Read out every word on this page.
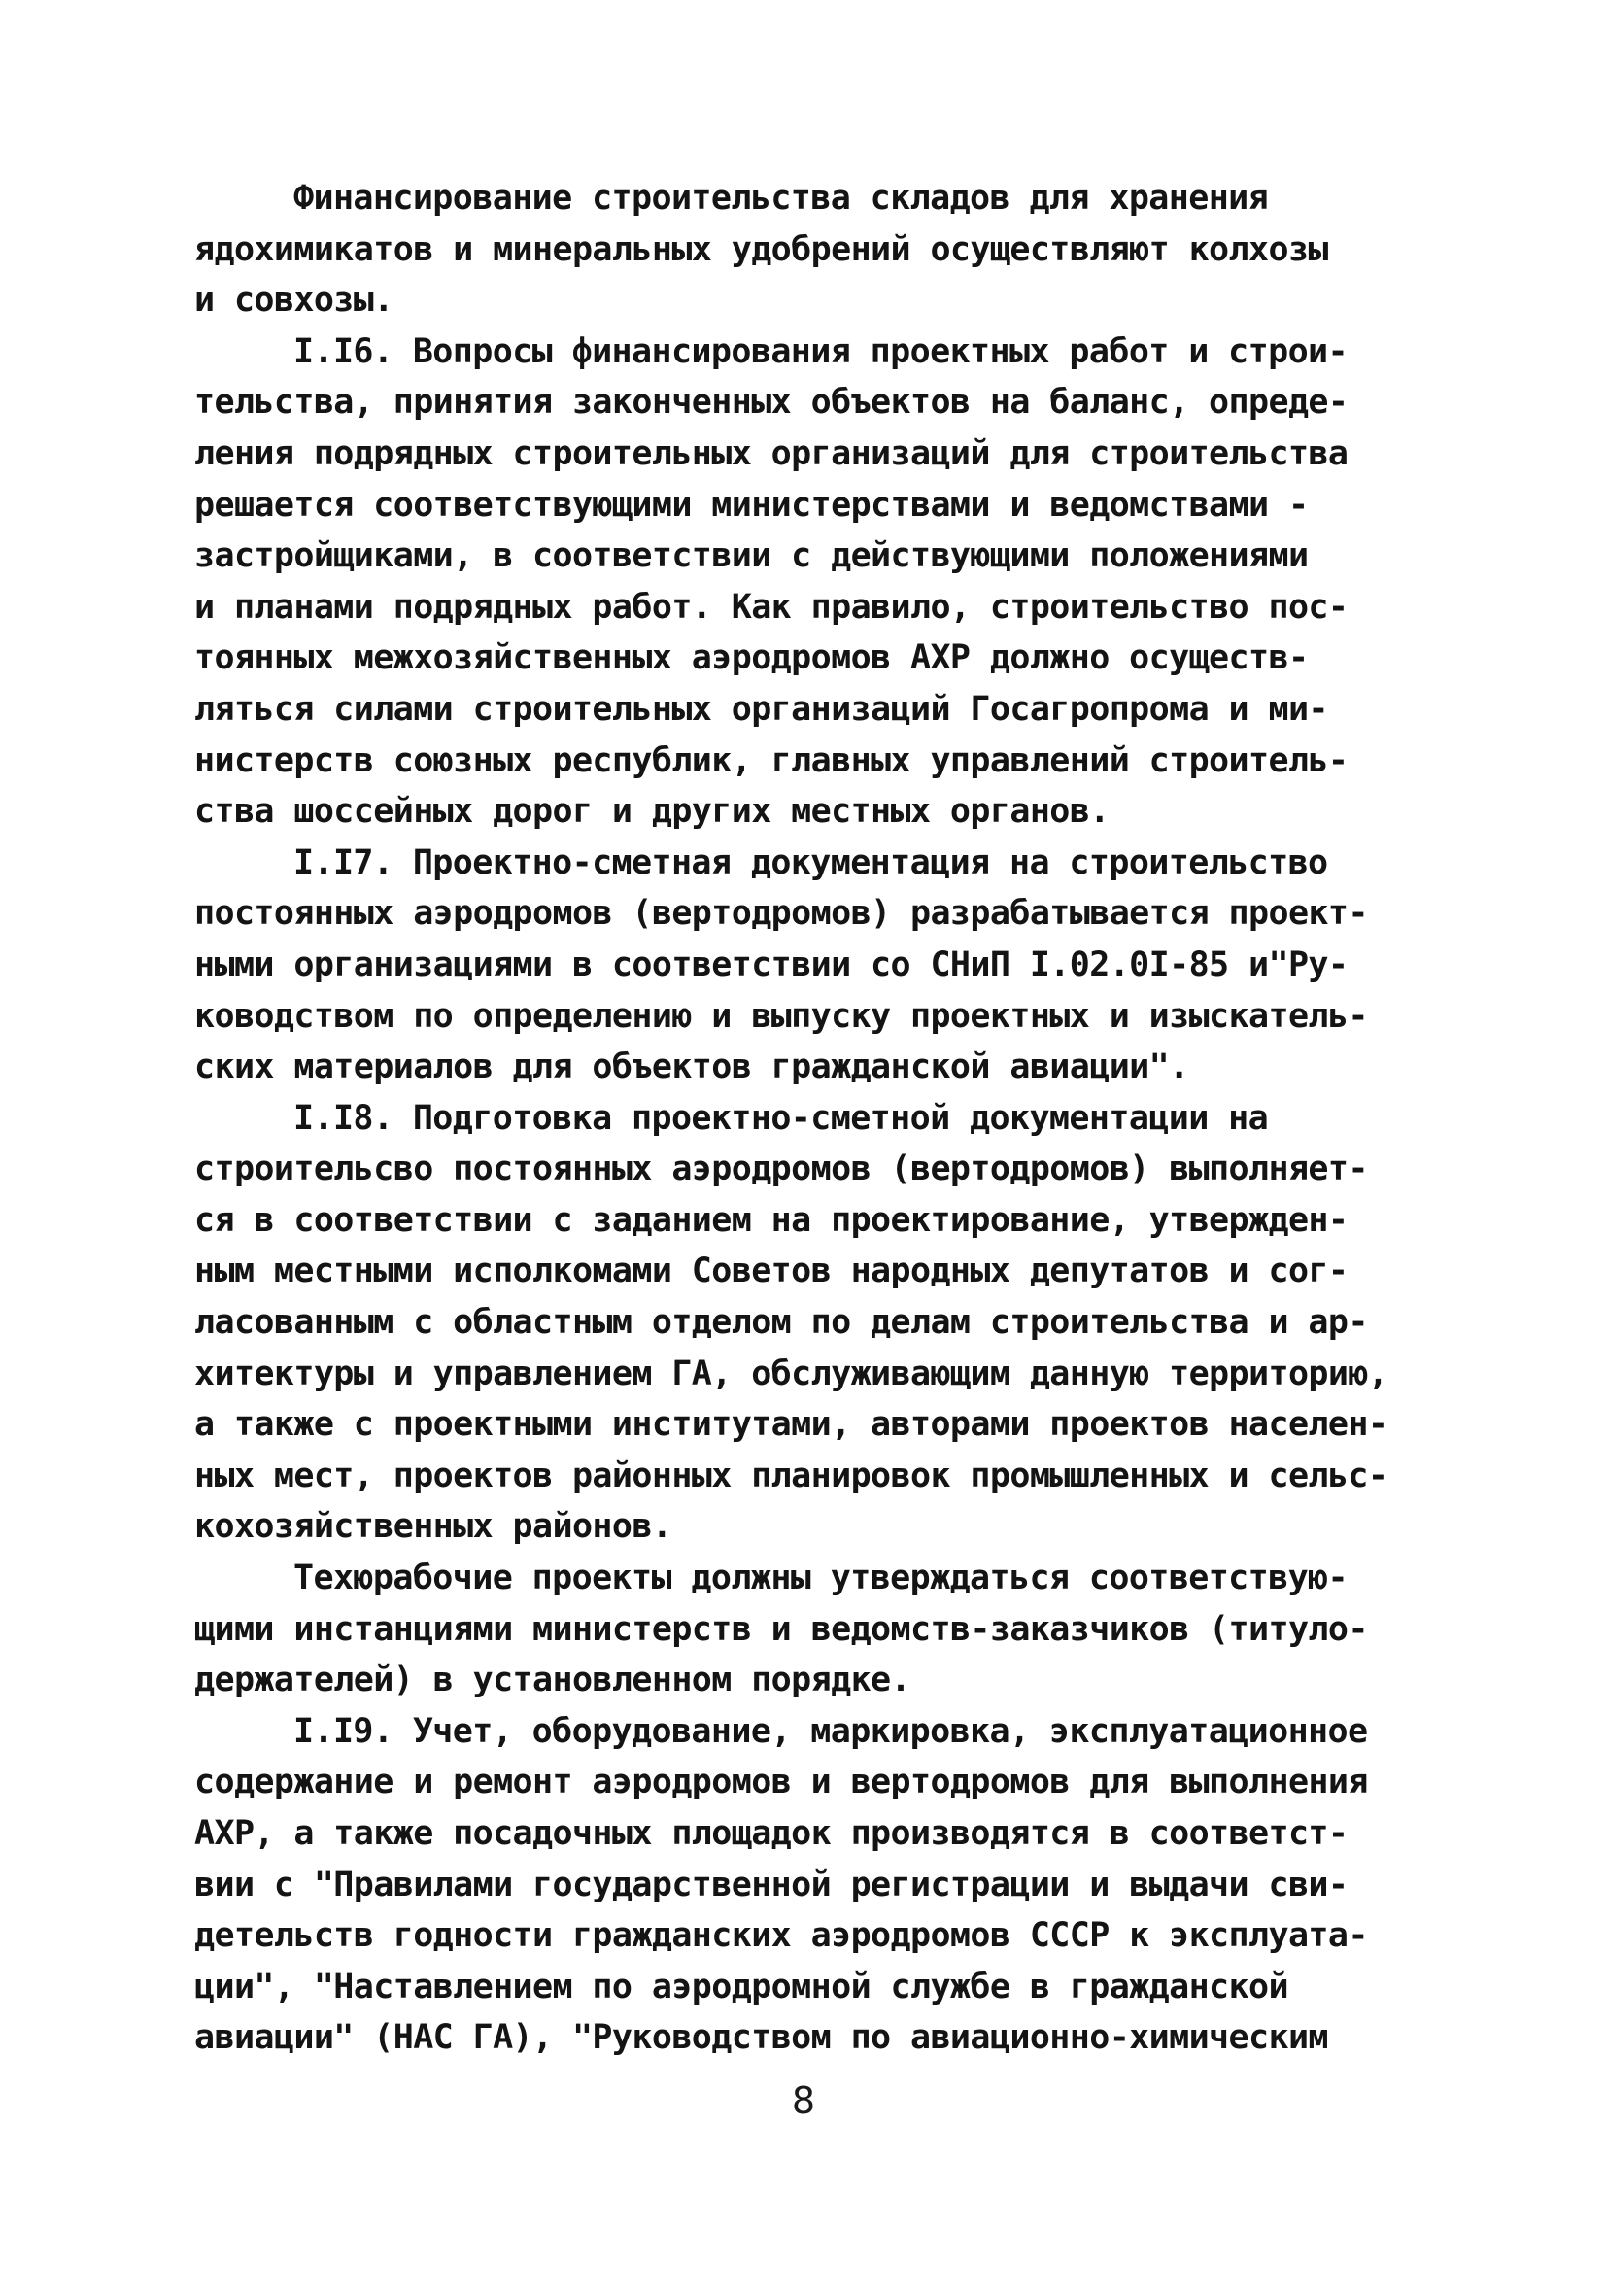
Финансирование строительства складов для хранения
ядохимикатов и минеральных удобрений осуществляют колхозы
и совхозы.
I.I6. Вопросы финансирования проектных работ и строи-
тельства, принятия законченных объектов на баланс, опреде-
ления подрядных строительных организаций для строительства
решается соответствующими министерствами и ведомствами -
застройщиками, в соответствии с действующими положениями
и планами подрядных работ. Как правило, строительство пос-
тоянных межхозяйственных аэродромов АХР должно осуществ-
ляться силами строительных организаций Госагропрома и ми-
нистерств союзных республик, главных управлений строитель-
ства шоссейных дорог и других местных органов.
I.I7. Проектно-сметная документация на строительство
постоянных аэродромов (вертодромов) разрабатывается проект-
ными организациями в соответствии со СНиП I.02.0I-85 и"Ру-
ководством по определению и выпуску проектных и изыскатель-
ских материалов для объектов гражданской авиации".
I.I8. Подготовка проектно-сметной документации на
строительсво постоянных аэродромов (вертодромов) выполняет-
ся в соответствии с заданием на проектирование, утвержден-
ным местными исполкомами Советов народных депутатов и сог-
ласованным с областным отделом по делам строительства и ар-
хитектуры и управлением ГА, обслуживающим данную территорию,
а также с проектными институтами, авторами проектов населен-
ных мест, проектов районных планировок промышленных и сельс-
кохозяйственных районов.
Техюрабочие проекты должны утверждаться соответствую-
щими инстанциями министерств и ведомств-заказчиков (титуло-
держателей) в установленном порядке.
I.I9. Учет, оборудование, маркировка, эксплуатационное
содержание и ремонт аэродромов и вертодромов для выполнения
АХР, а также посадочных площадок производятся в соответст-
вии с "Правилами государственной регистрации и выдачи сви-
детельств годности гражданских аэродромов СССР к эксплуата-
ции", "Наставлением по аэродромной службе в гражданской
авиации" (НАС ГА), "Руководством по авиационно-химическим
8
